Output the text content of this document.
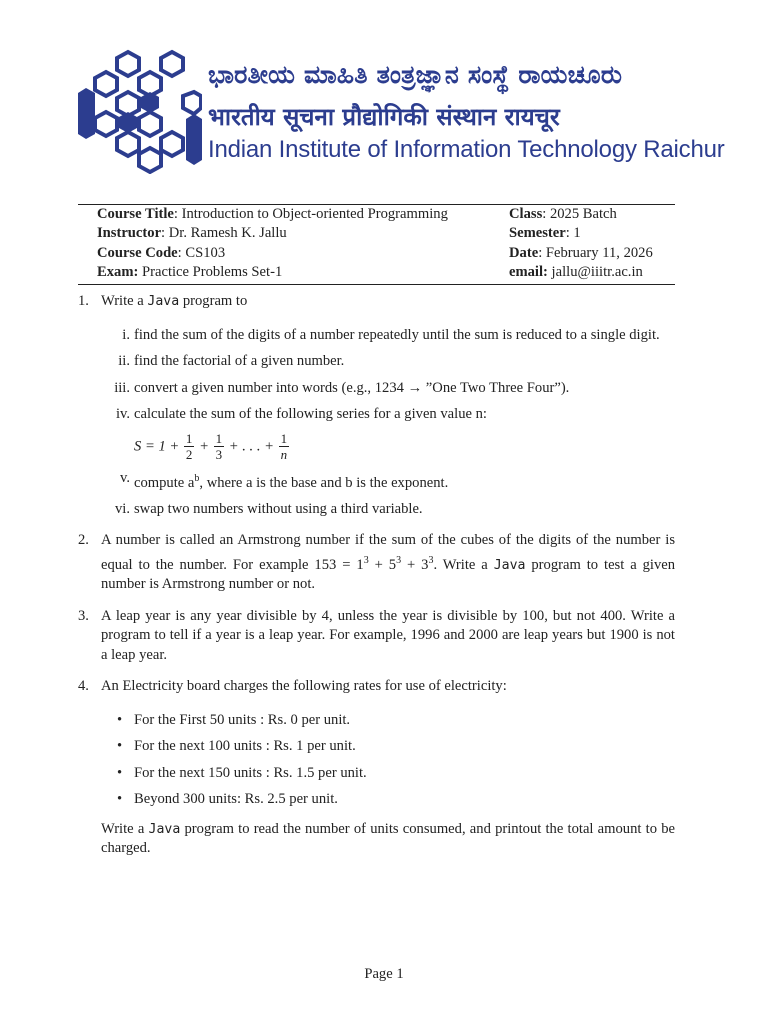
ಭಾರತೀಯ ಮಾಹಿತಿ ತಂತ್ರಜ್ಞಾನ ಸಂಸ್ಥೆ ರಾಯಚೂರು
भारतीय सूचना प्रौद्योगिकी संस्थान रायचूर
Indian Institute of Information Technology Raichur
Course Title: Introduction to Object-oriented Programming
Instructor: Dr. Ramesh K. Jallu
Course Code: CS103
Exam: Practice Problems Set-1
Class: 2025 Batch
Semester: 1
Date: February 11, 2026
email: jallu@iiitr.ac.in
1. Write a Java program to
i. find the sum of the digits of a number repeatedly until the sum is reduced to a single digit.
ii. find the factorial of a given number.
iii. convert a given number into words (e.g., 1234 → ”One Two Three Four”).
iv. calculate the sum of the following series for a given value n:
$S = 1 + \frac{1}{2} + \frac{1}{3}$ + . . . + $\frac{1}{n}$
v. compute $a^b$, where a is the base and b is the exponent.
vi. swap two numbers without using a third variable.
2. A number is called an Armstrong number if the sum of the cubes of the digits of the number is equal to the number. For example $153 = 1^3 + 5^3 + 3^3$. Write a Java program to test a given number is Armstrong number or not.
3. A leap year is any year divisible by 4, unless the year is divisible by 100, but not 400. Write a program to tell if a year is a leap year. For example, 1996 and 2000 are leap years but 1900 is not a leap year.
4. An Electricity board charges the following rates for use of electricity:
• For the First 50 units : Rs. 0 per unit.
• For the next 100 units : Rs. 1 per unit.
• For the next 150 units : Rs. 1.5 per unit.
• Beyond 300 units: Rs. 2.5 per unit.
Write a Java program to read the number of units consumed, and printout the total amount to be charged.
Page 1
